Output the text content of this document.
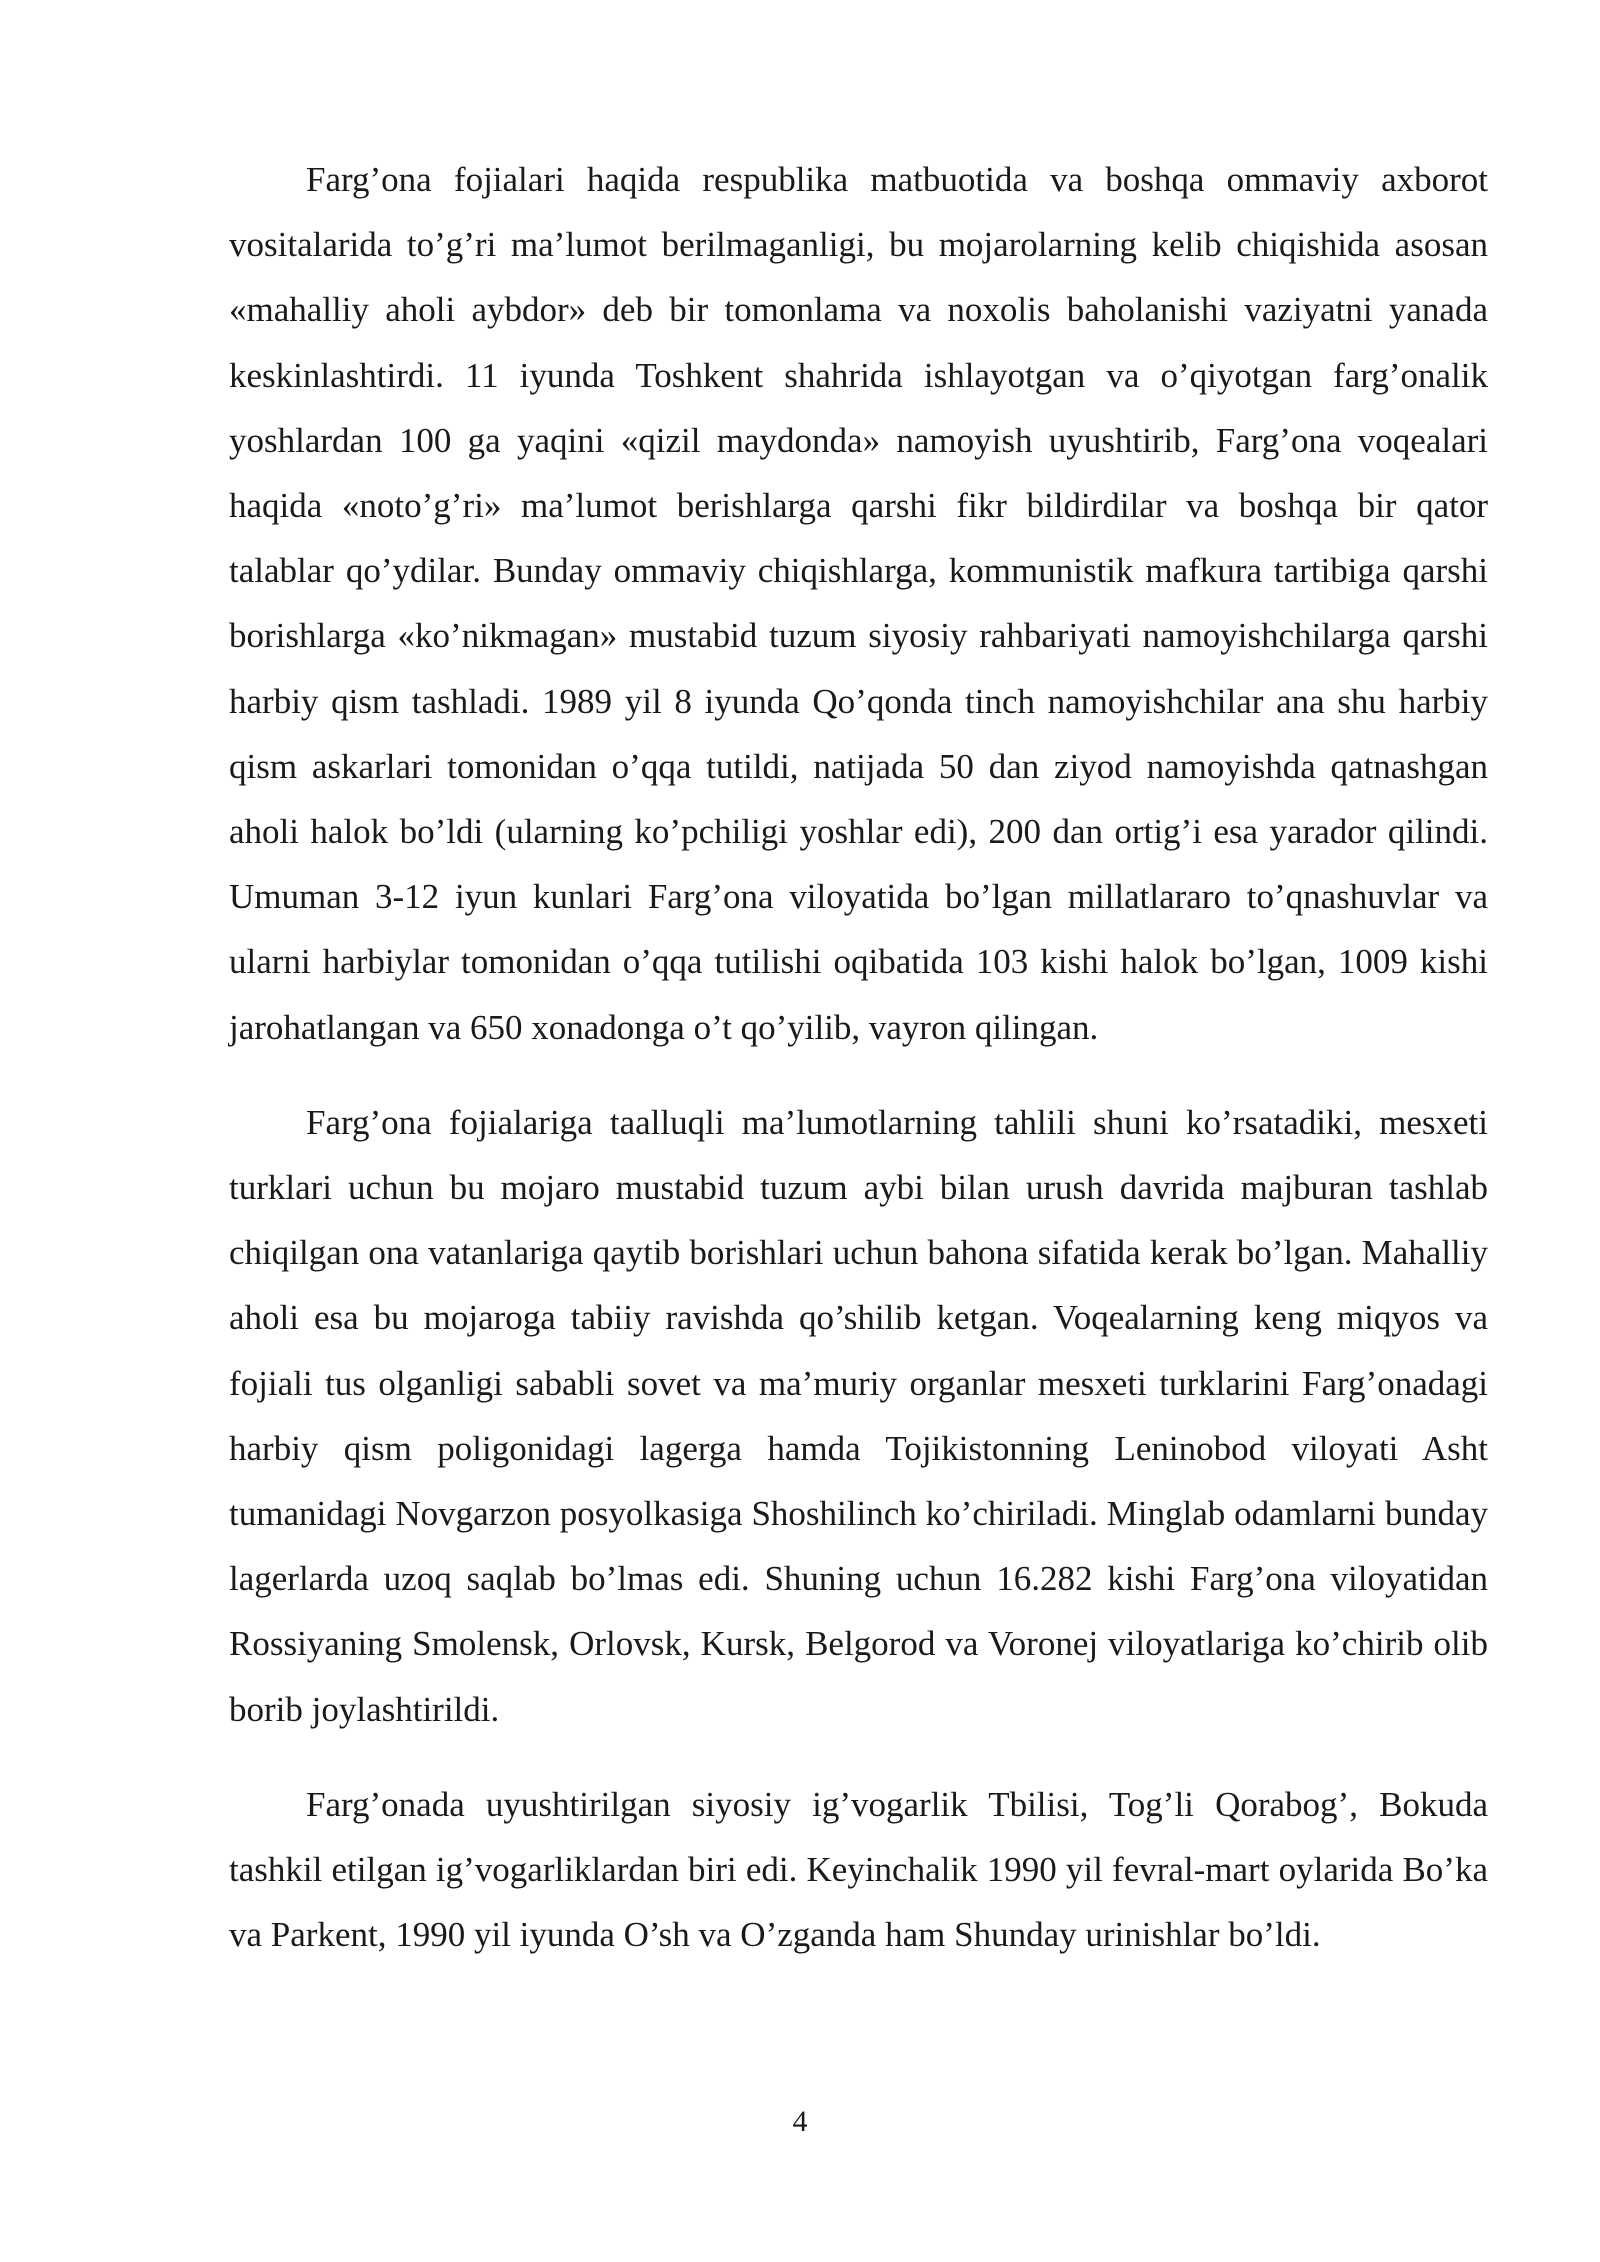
Farg’ona fojialari haqida respublika matbuotida va boshqa ommaviy axborot vositalarida to’g’ri ma’lumot berilmaganligi, bu mojarolarning kelib chiqishida asosan «mahalliy aholi aybdor» deb bir tomonlama va noxolis baholanishi vaziyatni yanada keskinlashtirdi. 11 iyunda Toshkent shahrida ishlayotgan va o’qiyotgan farg’onalik yoshlardan 100 ga yaqini «qizil maydonda» namoyish uyushtirib, Farg’ona voqealari haqida «noto’g’ri» ma’lumot berishlarga qarshi fikr bildirdilar va boshqa bir qator talablar qo’ydilar. Bunday ommaviy chiqishlarga, kommunistik mafkura tartibiga qarshi borishlarga «ko’nikmagan» mustabid tuzum siyosiy rahbariyati namoyishchilarga qarshi harbiy qism tashladi. 1989 yil 8 iyunda Qo’qonda tinch namoyishchilar ana shu harbiy qism askarlari tomonidan o’qqa tutildi, natijada 50 dan ziyod namoyishda qatnashgan aholi halok bo’ldi (ularning ko’pchiligi yoshlar edi), 200 dan ortig’i esa yarador qilindi. Umuman 3-12 iyun kunlari Farg’ona viloyatida bo’lgan millatlararo to’qnashuvlar va ularni harbiylar tomonidan o’qqa tutilishi oqibatida 103 kishi halok bo’lgan, 1009 kishi jarohatlangan va 650 xonadonga o’t qo’yilib, vayron qilingan.

Farg’ona fojialariga taalluqli ma’lumotlarning tahlili shuni ko’rsatadiki, mesxeti turklari uchun bu mojaro mustabid tuzum aybi bilan urush davrida majburan tashlab chiqilgan ona vatanlariga qaytib borishlari uchun bahona sifatida kerak bo’lgan. Mahalliy aholi esa bu mojaroga tabiiy ravishda qo’shilib ketgan. Voqealarning keng miqyos va fojiali tus olganligi sababli sovet va ma’muriy organlar mesxeti turklarini Farg’onadagi harbiy qism poligonidagi lagerga hamda Tojikistonning Leninobod viloyati Asht tumanidagi Novgarzon posyolkasiga Shoshilinch ko’chiriladi. Minglab odamlarni bunday lagerlarda uzoq saqlab bo’lmas edi. Shuning uchun 16.282 kishi Farg’ona viloyatidan Rossiyaning Smolensk, Orlovsk, Kursk, Belgorod va Voronej viloyatlariga ko’chirib olib borib joylashtirildi.

Farg’onada uyushtirilgan siyosiy ig’vogarlik Tbilisi, Tog’li Qorabog’, Bokuda tashkil etilgan ig’vogarliklardan biri edi. Keyinchalik 1990 yil fevral-mart oylarida Bo’ka va Parkent, 1990 yil iyunda O’sh va O’zganda ham Shunday urinishlar bo’ldi.

4
